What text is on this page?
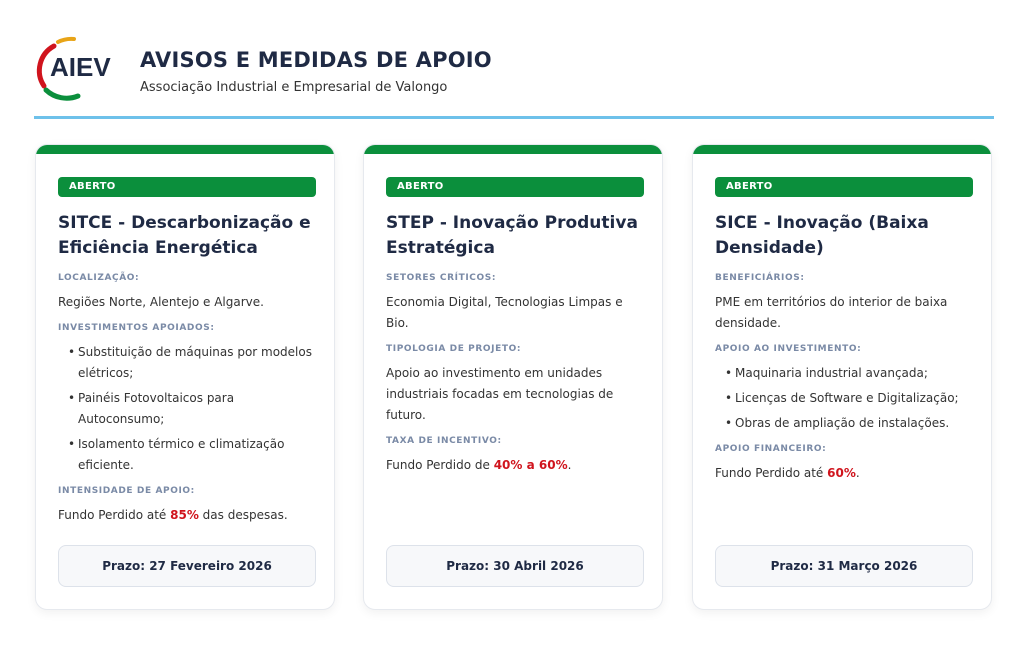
AIEV AVISOS E MEDIDAS DE APOIO
Associação Industrial e Empresarial de Valongo
ABERTO
SITCE - Descarbonização e Eficiência Energética
LOCALIZAÇÃO:
Regiões Norte, Alentejo e Algarve.
INVESTIMENTOS APOIADOS:
• Substituição de máquinas por modelos elétricos;
• Painéis Fotovoltaicos para Autoconsumo;
• Isolamento térmico e climatização eficiente.
INTENSIDADE DE APOIO:
Fundo Perdido até 85% das despesas.
Prazo: 27 Fevereiro 2026
ABERTO
STEP - Inovação Produtiva Estratégica
SETORES CRÍTICOS:
Economia Digital, Tecnologias Limpas e Bio.
TIPOLOGIA DE PROJETO:
Apoio ao investimento em unidades industriais focadas em tecnologias de futuro.
TAXA DE INCENTIVO:
Fundo Perdido de 40% a 60%.
Prazo: 30 Abril 2026
ABERTO
SICE - Inovação (Baixa Densidade)
BENEFICIÁRIOS:
PME em territórios do interior de baixa densidade.
APOIO AO INVESTIMENTO:
• Maquinaria industrial avançada;
• Licenças de Software e Digitalização;
• Obras de ampliação de instalações.
APOIO FINANCEIRO:
Fundo Perdido até 60%.
Prazo: 31 Março 2026
